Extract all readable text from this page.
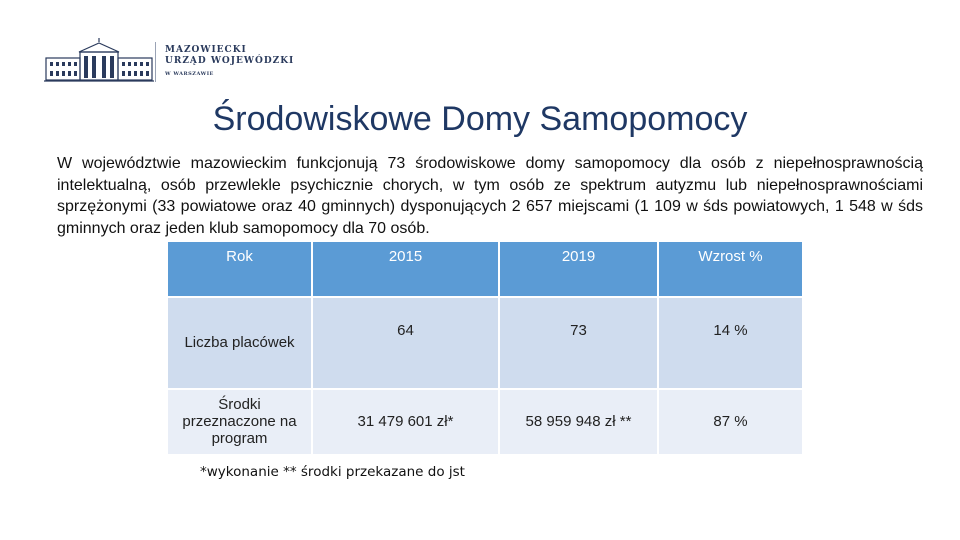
MAZOWIECKI
URZĄD WOJEWÓDZKI
W WARSZAWIE
Środowiskowe Domy Samopomocy

W województwie mazowieckim funkcjonują 73 środowiskowe domy samopomocy dla osób z niepełnosprawnością intelektualną, osób przewlekle psychicznie chorych, w tym osób ze spektrum autyzmu lub niepełnosprawnościami sprzężonymi (33 powiatowe oraz 40 gminnych) dysponujących 2 657 miejscami (1 109 w śds powiatowych, 1 548 w śds gminnych oraz jeden klub samopomocy dla 70 osób.

Rok	2015	2019	Wzrost %
Liczba placówek	64	73	14 %
Środki przeznaczone na program	31 479 601 zł*	58 959 948 zł **	87 %
*wykonanie ** środki przekazane do jst
